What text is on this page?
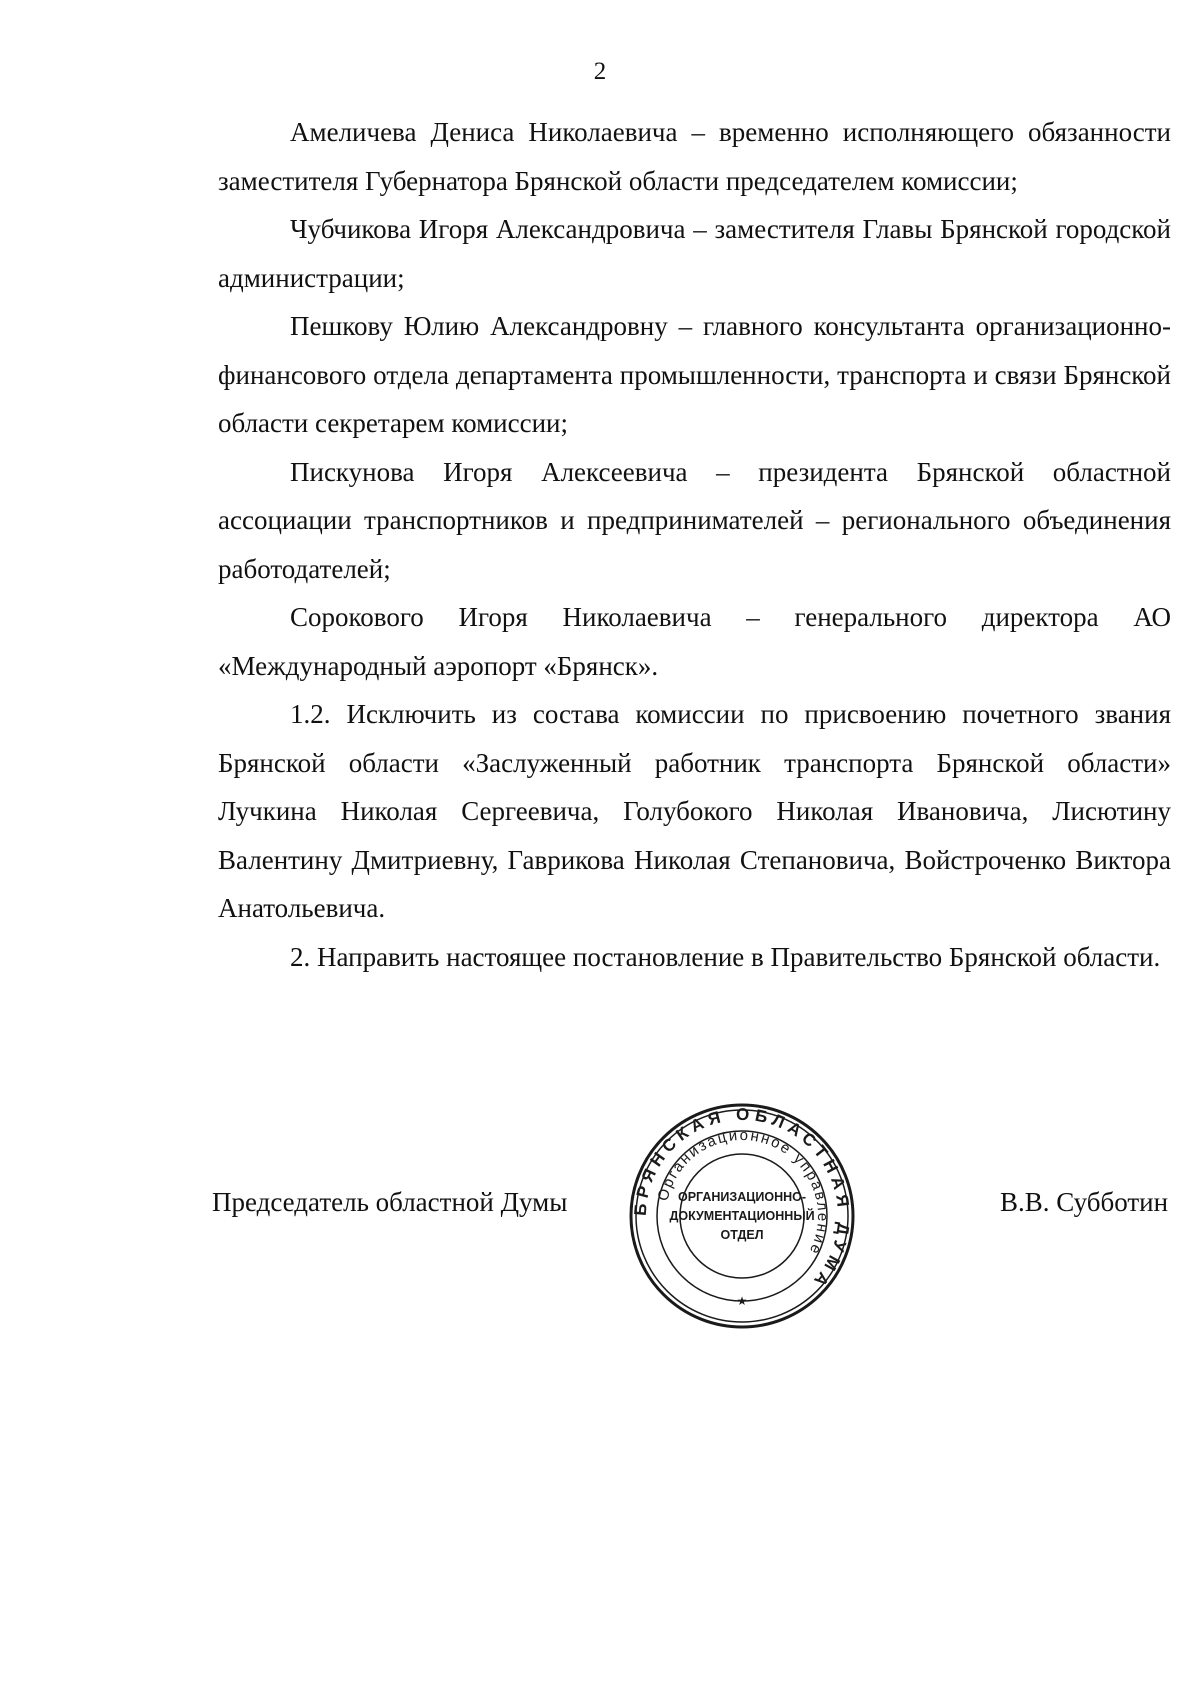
2

Амеличева Дениса Николаевича – временно исполняющего обязанности заместителя Губернатора Брянской области председателем комиссии;

Чубчикова Игоря Александровича – заместителя Главы Брянской городской администрации;

Пешкову Юлию Александровну – главного консультанта организационно-финансового отдела департамента промышленности, транспорта и связи Брянской области секретарем комиссии;

Пискунова Игоря Алексеевича – президента Брянской областной ассоциации транспортников и предпринимателей – регионального объединения работодателей;

Сорокового Игоря Николаевича – генерального директора АО «Международный аэропорт «Брянск».

1.2. Исключить из состава комиссии по присвоению почетного звания Брянской области «Заслуженный работник транспорта Брянской области» Лучкина Николая Сергеевича, Голубокого Николая Ивановича, Лисютину Валентину Дмитриевну, Гаврикова Николая Степановича, Войстроченко Виктора Анатольевича.

2. Направить настоящее постановление в Правительство Брянской области.

Председатель областной Думы	БРЯНСКАЯ ОБЛАСТНАЯ ДУМА
Организационное управление
★
ОРГАНИЗАЦИОННО-
ДОКУМЕНТАЦИОННЫЙ
ОТДЕЛ
В.В. Субботин
